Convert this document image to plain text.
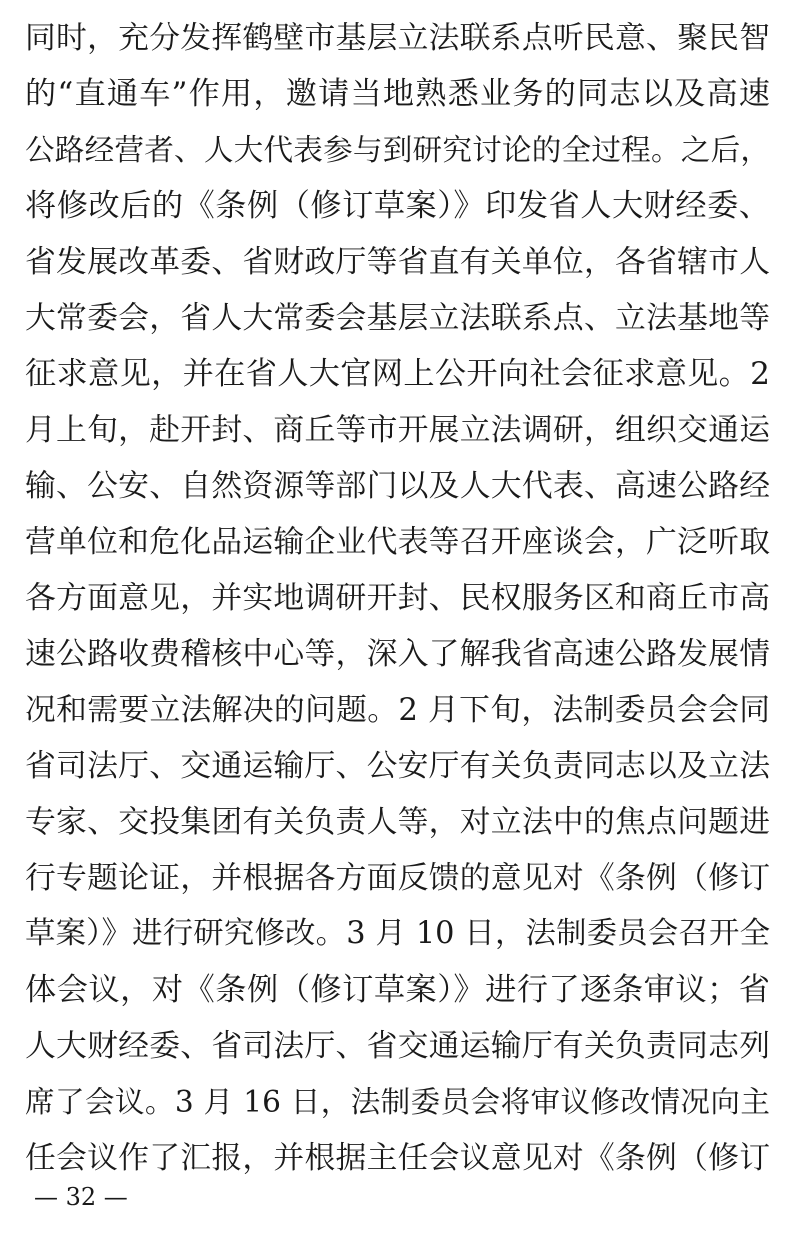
同时，充分发挥鹤壁市基层立法联系点听民意、聚民智
的“直通车”作用，邀请当地熟悉业务的同志以及高速
公路经营者、人大代表参与到研究讨论的全过程。之后，
将修改后的《条例（修订草案）》印发省人大财经委、
省发展改革委、省财政厅等省直有关单位，各省辖市人
大常委会，省人大常委会基层立法联系点、立法基地等
征求意见，并在省人大官网上公开向社会征求意见。2
月上旬，赴开封、商丘等市开展立法调研，组织交通运
输、公安、自然资源等部门以及人大代表、高速公路经
营单位和危化品运输企业代表等召开座谈会，广泛听取
各方面意见，并实地调研开封、民权服务区和商丘市高
速公路收费稽核中心等，深入了解我省高速公路发展情
况和需要立法解决的问题。2 月下旬，法制委员会会同
省司法厅、交通运输厅、公安厅有关负责同志以及立法
专家、交投集团有关负责人等，对立法中的焦点问题进
行专题论证，并根据各方面反馈的意见对《条例（修订
草案）》进行研究修改。3 月 10 日，法制委员会召开全
体会议，对《条例（修订草案）》进行了逐条审议；省
人大财经委、省司法厅、省交通运输厅有关负责同志列
席了会议。3 月 16 日，法制委员会将审议修改情况向主
任会议作了汇报，并根据主任会议意见对《条例（修订
— 32 —
